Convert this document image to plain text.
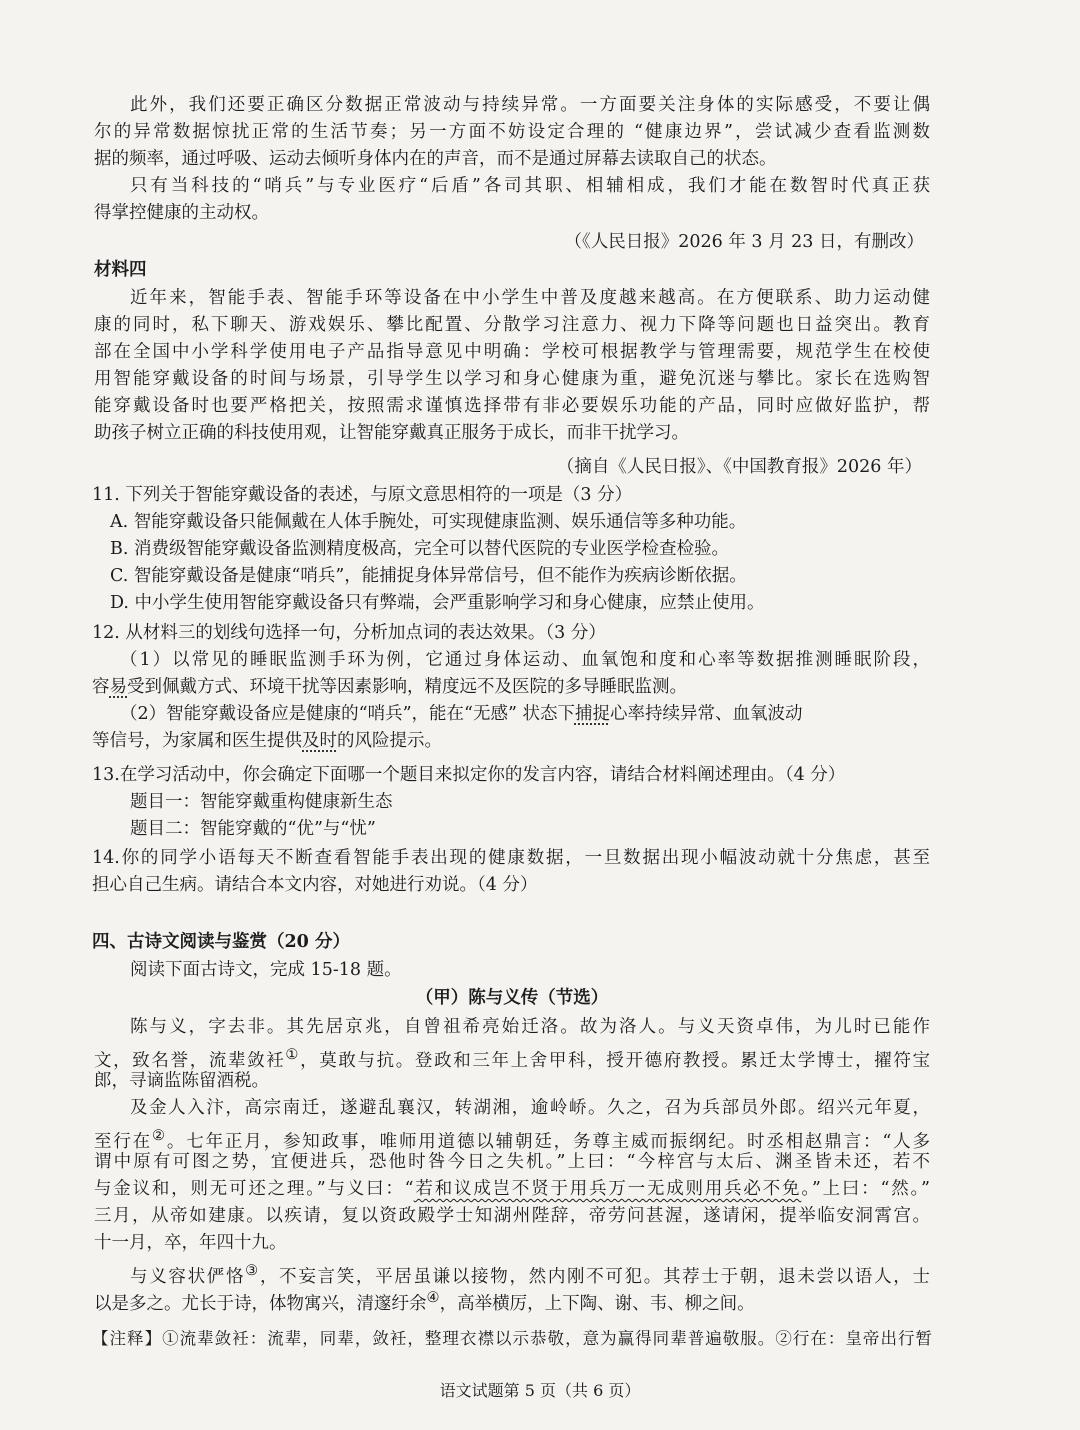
此外，我们还要正确区分数据正常波动与持续异常。一方面要关注身体的实际感受，不要让偶
尔的异常数据惊扰正常的生活节奏；另一方面不妨设定合理的 “健康边界”，尝试减少查看监测数
据的频率，通过呼吸、运动去倾听身体内在的声音，而不是通过屏幕去读取自己的状态。
只有当科技的“哨兵”与专业医疗“后盾”各司其职、相辅相成，我们才能在数智时代真正获
得掌控健康的主动权。
（《人民日报》2026 年 3 月 23 日，有删改）
材料四
近年来，智能手表、智能手环等设备在中小学生中普及度越来越高。在方便联系、助力运动健
康的同时，私下聊天、游戏娱乐、攀比配置、分散学习注意力、视力下降等问题也日益突出。教育
部在全国中小学科学使用电子产品指导意见中明确：学校可根据教学与管理需要，规范学生在校使
用智能穿戴设备的时间与场景，引导学生以学习和身心健康为重，避免沉迷与攀比。家长在选购智
能穿戴设备时也要严格把关，按照需求谨慎选择带有非必要娱乐功能的产品，同时应做好监护，帮
助孩子树立正确的科技使用观，让智能穿戴真正服务于成长，而非干扰学习。
（摘自《人民日报》、《中国教育报》2026 年）
11. 下列关于智能穿戴设备的表述，与原文意思相符的一项是（3 分）
A. 智能穿戴设备只能佩戴在人体手腕处，可实现健康监测、娱乐通信等多种功能。
B. 消费级智能穿戴设备监测精度极高，完全可以替代医院的专业医学检查检验。
C. 智能穿戴设备是健康“哨兵”，能捕捉身体异常信号，但不能作为疾病诊断依据。
D. 中小学生使用智能穿戴设备只有弊端，会严重影响学习和身心健康，应禁止使用。
12. 从材料三的划线句选择一句，分析加点词的表达效果。（3 分）
（1）以常见的睡眠监测手环为例，它通过身体运动、血氧饱和度和心率等数据推测睡眠阶段，
容易受到佩戴方式、环境干扰等因素影响，精度远不及医院的多导睡眠监测。
（2）智能穿戴设备应是健康的“哨兵”，能在“无感” 状态下捕捉心率持续异常、血氧波动
等信号，为家属和医生提供及时的风险提示。
13.在学习活动中，你会确定下面哪一个题目来拟定你的发言内容，请结合材料阐述理由。（4 分）
题目一：智能穿戴重构健康新生态
题目二：智能穿戴的“优”与“忧”
14.你的同学小语每天不断查看智能手表出现的健康数据，一旦数据出现小幅波动就十分焦虑，甚至
担心自己生病。请结合本文内容，对她进行劝说。（4 分）
四、古诗文阅读与鉴赏（20 分）
阅读下面古诗文，完成 15-18 题。
（甲）陈与义传（节选）
陈与义，字去非。其先居京兆，自曾祖希亮始迁洛。故为洛人。与义天资卓伟，为儿时已能作
文，致名誉，流辈敛衽①，莫敢与抗。登政和三年上舍甲科，授开德府教授。累迁太学博士，擢符宝
郎，寻谪监陈留酒税。
及金人入汴，高宗南迁，遂避乱襄汉，转湖湘，逾岭峤。久之，召为兵部员外郎。绍兴元年夏，
至行在②。七年正月，参知政事，唯师用道德以辅朝廷，务尊主威而振纲纪。时丞相赵鼎言：“人多
谓中原有可图之势，宜便进兵，恐他时咎今日之失机。”上曰：“今梓宫与太后、渊圣皆未还，若不
与金议和，则无可还之理。”与义曰：“若和议成岂不贤于用兵万一无成则用兵必不免。”上曰：“然。”
三月，从帝如建康。以疾请，复以资政殿学士知湖州陛辞，帝劳问甚渥，遂请闲，提举临安洞霄宫。
十一月，卒，年四十九。
与义容状俨恪③，不妄言笑，平居虽谦以接物，然内刚不可犯。其荐士于朝，退未尝以语人，士
以是多之。尤长于诗，体物寓兴，清邃纡余④，高举横厉，上下陶、谢、韦、柳之间。
【注释】①流辈敛衽：流辈，同辈，敛衽，整理衣襟以示恭敬，意为赢得同辈普遍敬服。②行在：皇帝出行暂
语文试题第 5 页（共 6 页）
